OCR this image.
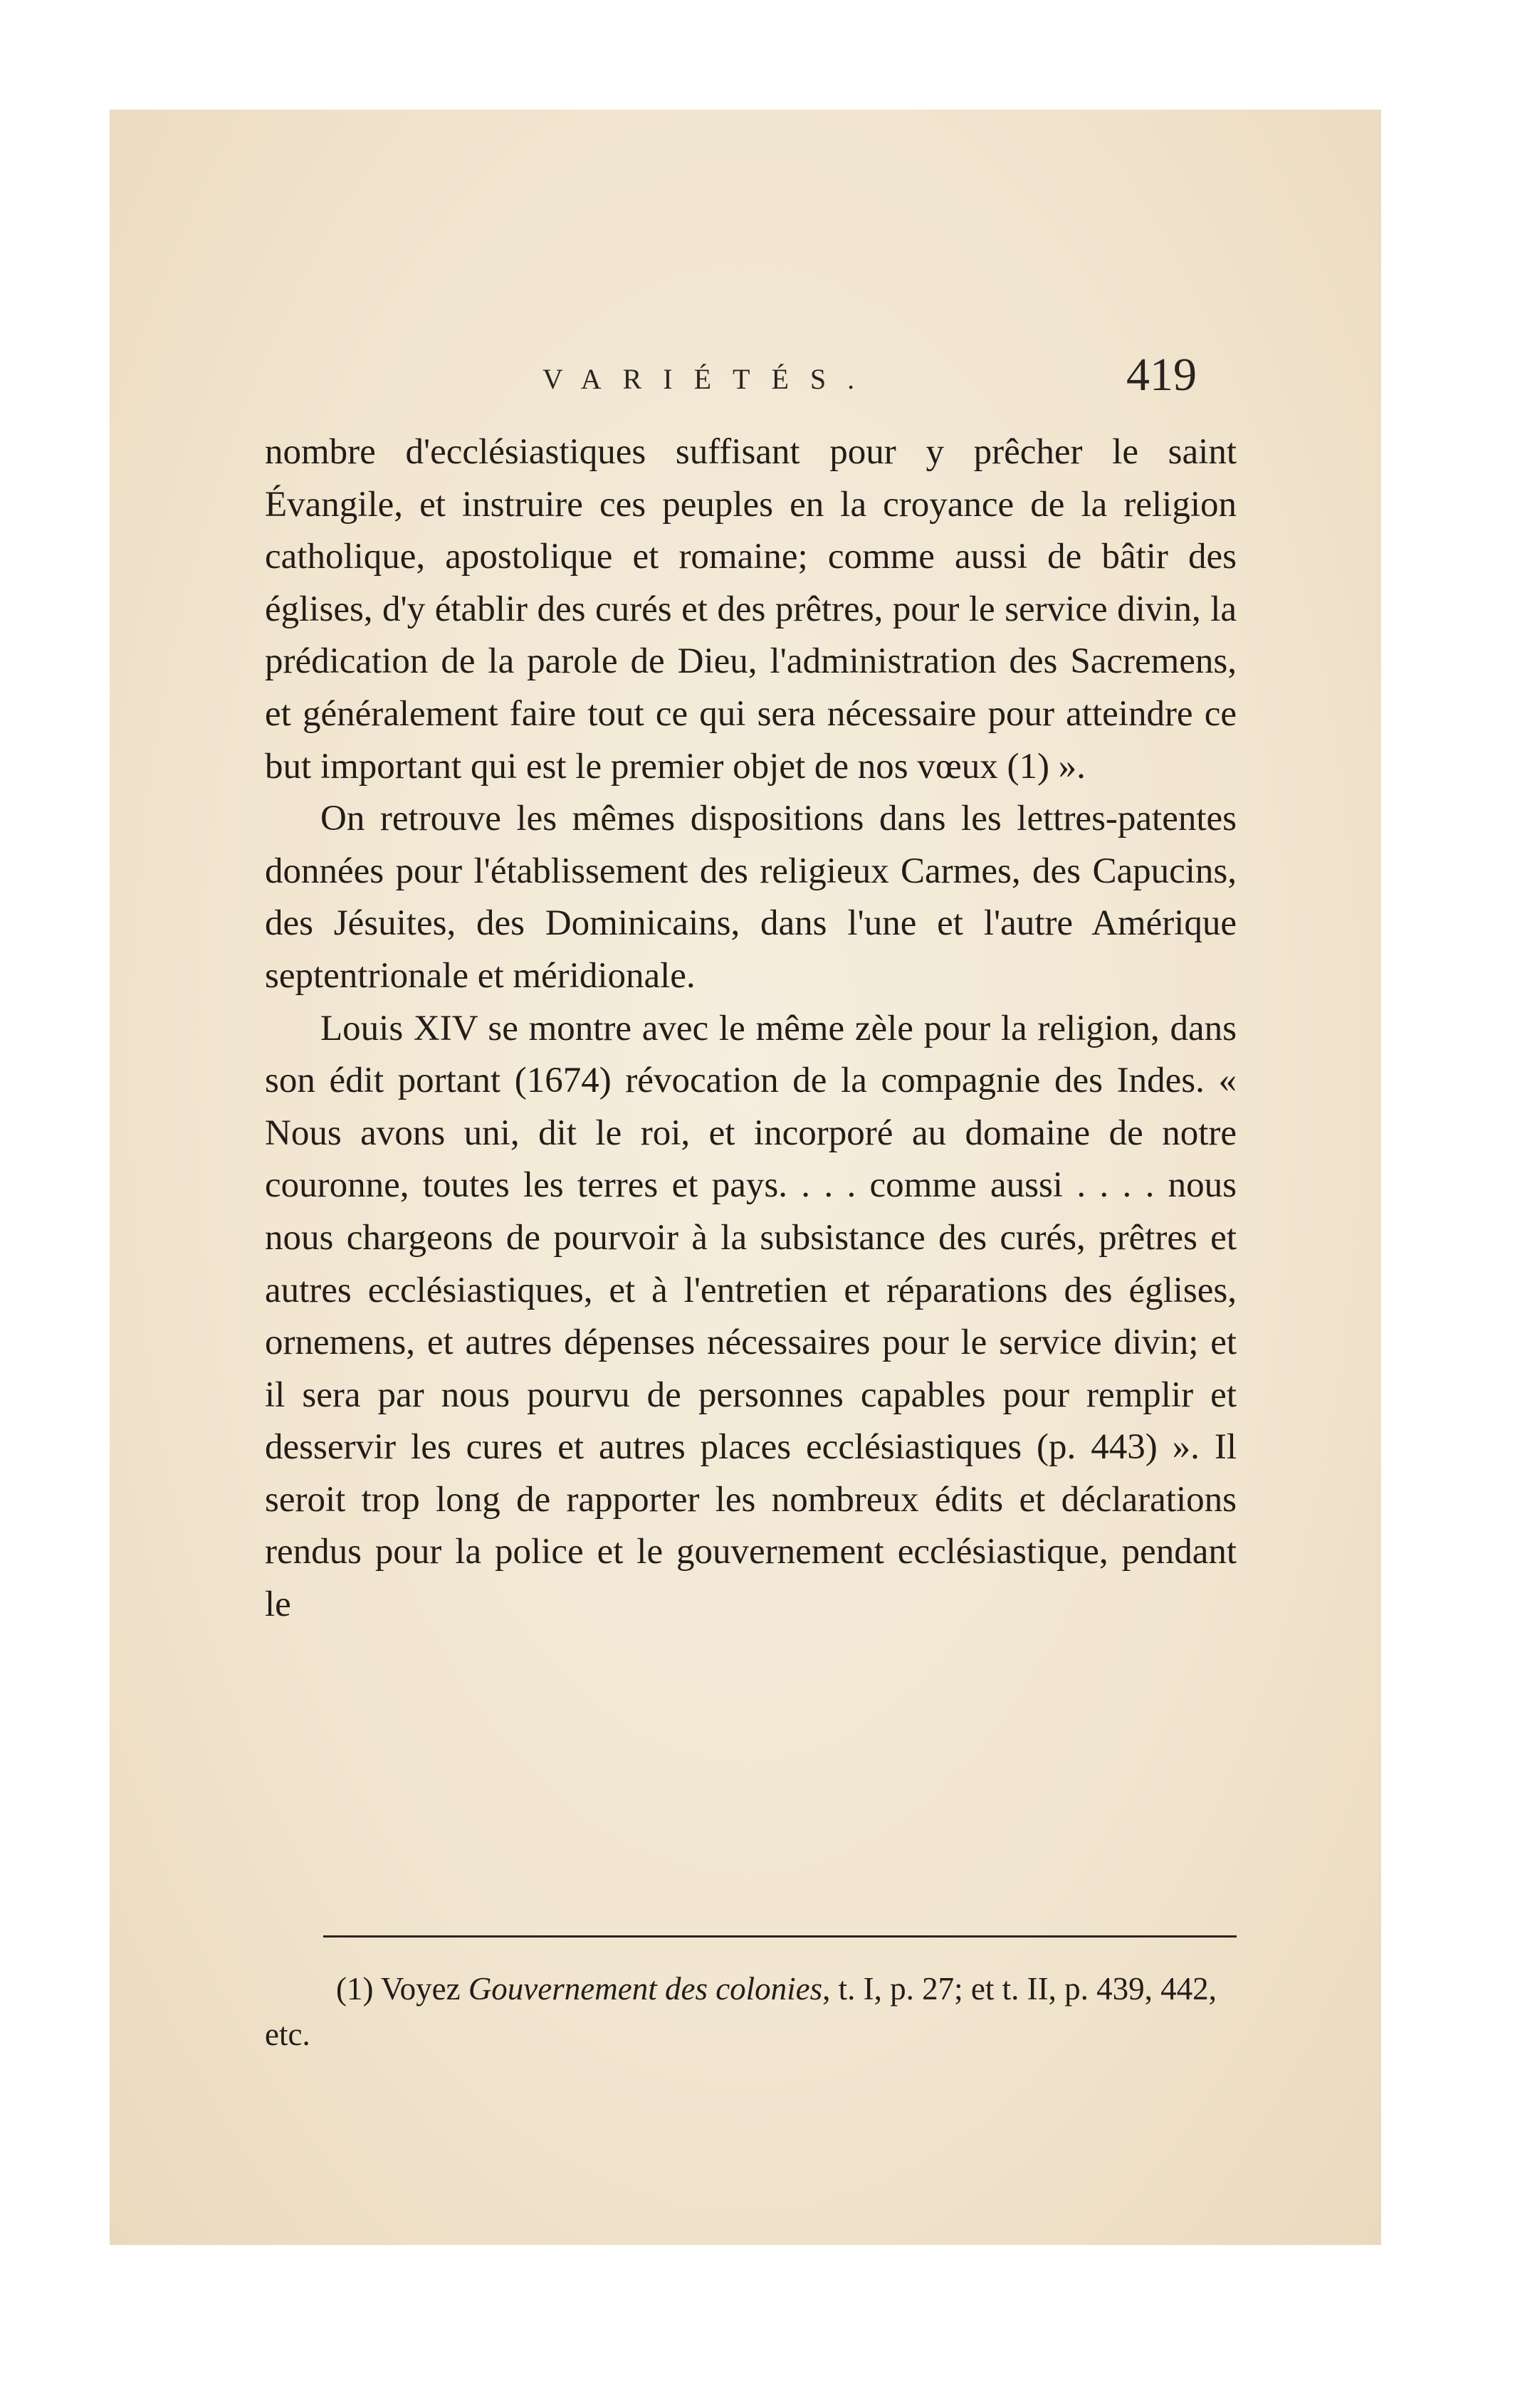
VARIÉTÉS.	419

nombre d'ecclésiastiques suffisant pour y prêcher le saint Évangile, et instruire ces peuples en la croyance de la religion catholique, apostolique et romaine; comme aussi de bâtir des églises, d'y établir des curés et des prêtres, pour le service divin, la prédication de la parole de Dieu, l'administration des Sacremens, et généralement faire tout ce qui sera nécessaire pour atteindre ce but important qui est le premier objet de nos vœux (1) ».

On retrouve les mêmes dispositions dans les lettres-patentes données pour l'établissement des religieux Carmes, des Capucins, des Jésuites, des Dominicains, dans l'une et l'autre Amérique septentrionale et méridionale.

Louis XIV se montre avec le même zèle pour la religion, dans son édit portant (1674) révocation de la compagnie des Indes. « Nous avons uni, dit le roi, et incorporé au domaine de notre couronne, toutes les terres et pays. . . . comme aussi . . . . nous nous chargeons de pourvoir à la subsistance des curés, prêtres et autres ecclésiastiques, et à l'entretien et réparations des églises, ornemens, et autres dépenses nécessaires pour le service divin; et il sera par nous pourvu de personnes capables pour remplir et desservir les cures et autres places ecclésiastiques (p. 443) ». Il seroit trop long de rapporter les nombreux édits et déclarations rendus pour la police et le gouvernement ecclésiastique, pendant le

(1) Voyez Gouvernement des colonies, t. I, p. 27; et t. II, p. 439, 442, etc.
